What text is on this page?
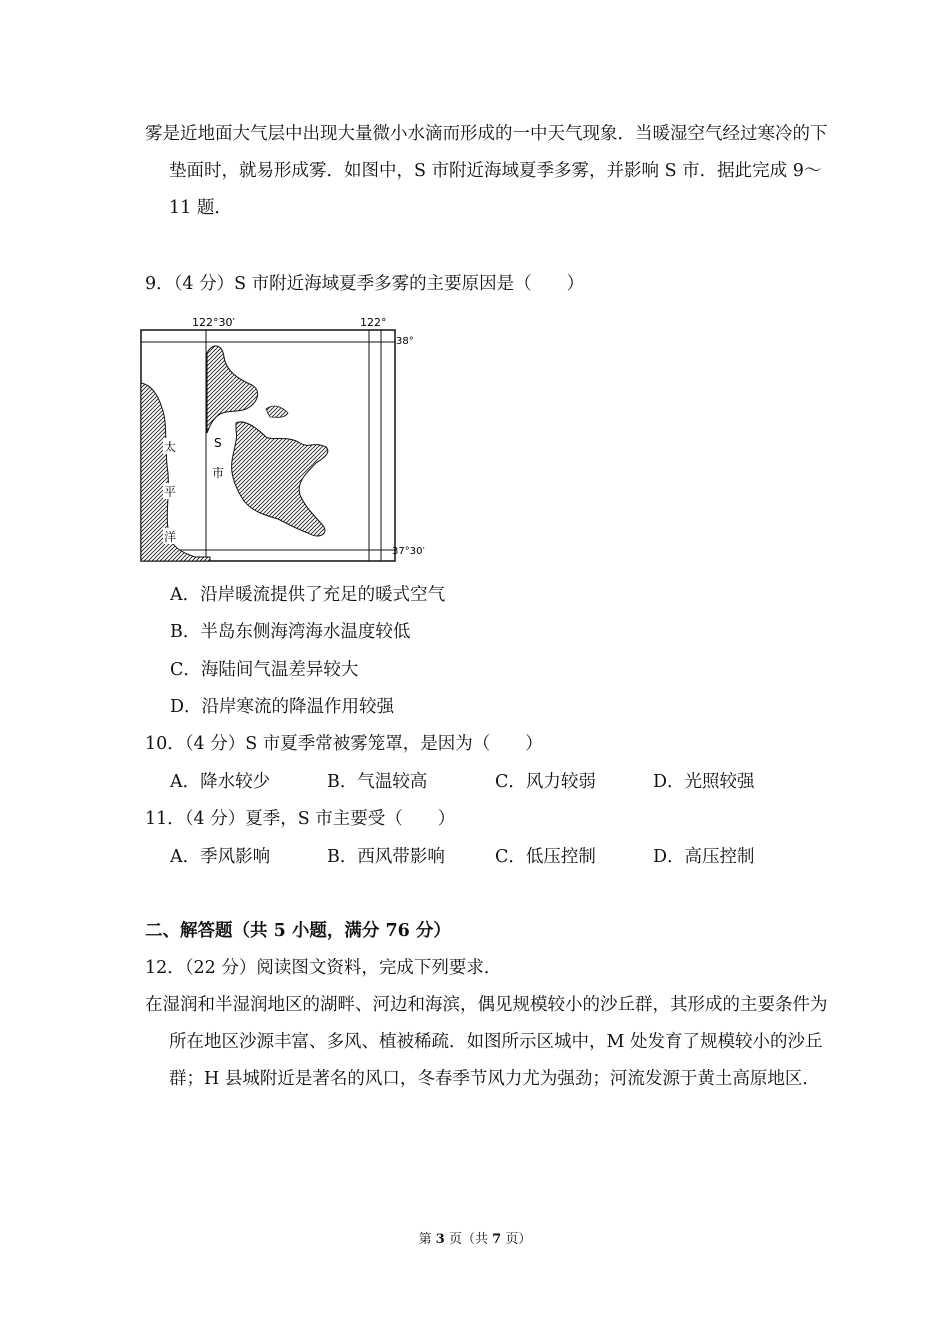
雾是近地面大气层中出现大量微小水滴而形成的一中天气现象．当暖湿空气经过寒冷的下垫面时，就易形成雾．如图中，S 市附近海域夏季多雾，并影响 S 市．据此完成 9～11 题．
9．（4 分）S 市附近海域夏季多雾的主要原因是（　　）
太
平
洋
S
市
122°30′	122°
38°
37°30′
A．沿岸暖流提供了充足的暖式空气
B．半岛东侧海湾海水温度较低
C．海陆间气温差异较大
D．沿岸寒流的降温作用较强
10．（4 分）S 市夏季常被雾笼罩，是因为（　　）
A．降水较少	B．气温较高	C．风力较弱	D．光照较强
11．（4 分）夏季，S 市主要受（　　）
A．季风影响	B．西风带影响	C．低压控制	D．高压控制
二、解答题（共 5 小题，满分 76 分）
12．（22 分）阅读图文资料，完成下列要求．
在湿润和半湿润地区的湖畔、河边和海滨，偶见规模较小的沙丘群，其形成的主要条件为所在地区沙源丰富、多风、植被稀疏．如图所示区城中，M 处发育了规模较小的沙丘群；H 县城附近是著名的风口，冬春季节风力尤为强劲；河流发源于黄土高原地区．
第 3 页（共 7 页）
